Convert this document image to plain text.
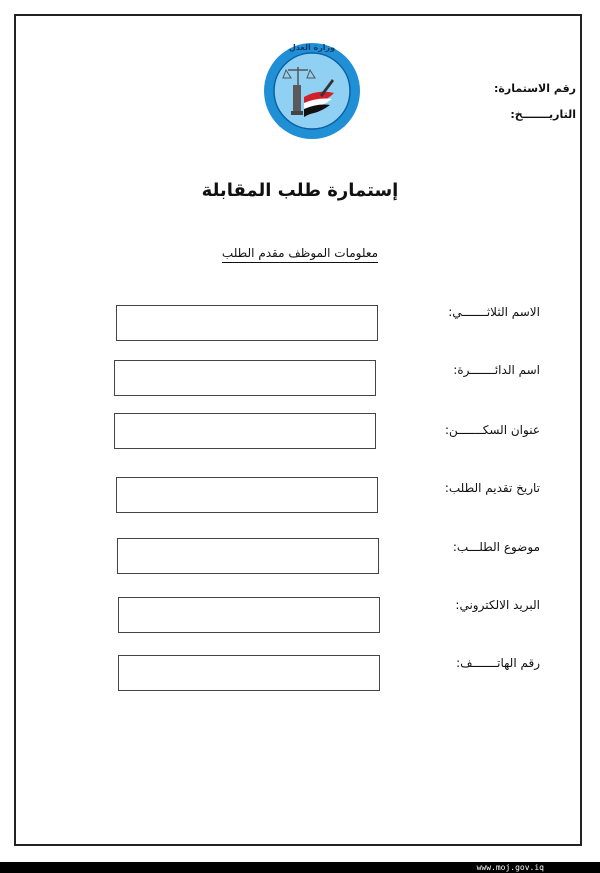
وزارة العدل
رقم الاستمارة:
التاريـــــــخ:
إستمارة طلب المقابلة
معلومات الموظف مقدم الطلب
الاسم الثلاثـــــــي:
اسم الدائـــــــرة:
عنوان السكـــــــن:
تاريخ تقديم الطلب:
موضوع الطلـــب:
البريد الالكتروني:
رقم الهاتـــــــف:
www.moj.gov.iq
